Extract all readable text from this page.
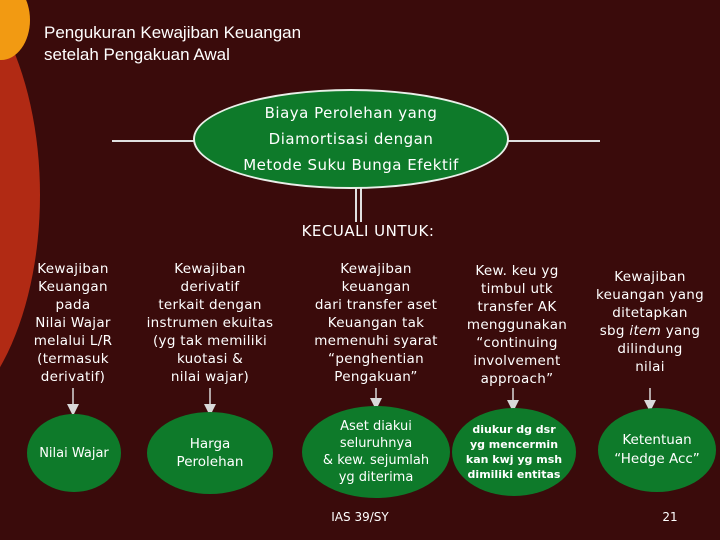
Pengukuran Kewajiban Keuangan
setelah Pengakuan Awal
Biaya Perolehan yang
Diamortisasi dengan
Metode Suku Bunga Efektif
KECUALI UNTUK:
Kewajiban
Keuangan
pada
Nilai Wajar
melalui L/R
(termasuk
derivatif)
Kewajiban
derivatif
terkait dengan
instrumen ekuitas
(yg tak memiliki
kuotasi &
nilai wajar)
Kewajiban
keuangan
dari transfer aset
Keuangan tak
memenuhi syarat
“penghentian
Pengakuan”
Kew. keu yg
timbul utk
transfer AK
menggunakan
“continuing
involvement
approach”
Kewajiban
keuangan yang
ditetapkan
sbg item yang
dilindung
nilai
Nilai Wajar
Harga
Perolehan
Aset diakui
seluruhnya
& kew. sejumlah
yg diterima
diukur dg dsr
yg mencermin
kan kwj yg msh
dimiliki entitas
Ketentuan
“Hedge Acc”
IAS 39/SY	21
